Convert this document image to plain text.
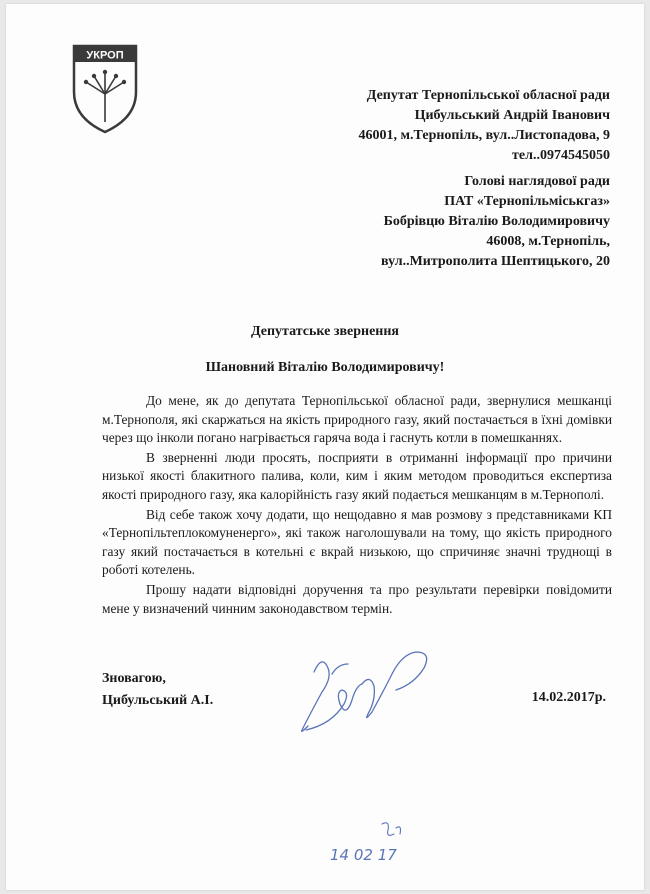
УКРОП
Депутат Тернопільської обласної ради
Цибульський Андрій Іванович
46001, м.Тернопіль, вул..Листопадова, 9
тел..0974545050
Голові наглядової ради
ПАТ «Тернопільміськгаз»
Бобрівцю Віталію Володимировичу
46008, м.Тернопіль,
вул..Митрополита Шептицького, 20
Депутатське звернення
Шановний Віталію Володимировичу!

До мене, як до депутата Тернопільської обласної ради, звернулися мешканці м.Тернополя, які скаржаться на якість природного газу, який постачається в їхні домівки через що інколи погано нагрівається гаряча вода і гаснуть котли в помешканнях.

В зверненні люди просять, посприяти в отриманні інформації про причини низької якості блакитного палива, коли, ким і яким методом проводиться експертиза якості природного газу, яка калорійність газу який подається мешканцям в м.Тернополі.

Від себе також хочу додати, що нещодавно я мав розмову з представниками КП «Тернопільтеплокомуненерго», які також наголошували на тому, що якість природного газу який постачається в котельні є вкрай низькою, що спричиняє значні труднощі в роботі котелень.

Прошу надати відповідні доручення та про результати перевірки повідомити мене у визначений чинним законодавством термін.

Зновагою,
Цибульський А.І.	14.02.2017р.
14 02 17
